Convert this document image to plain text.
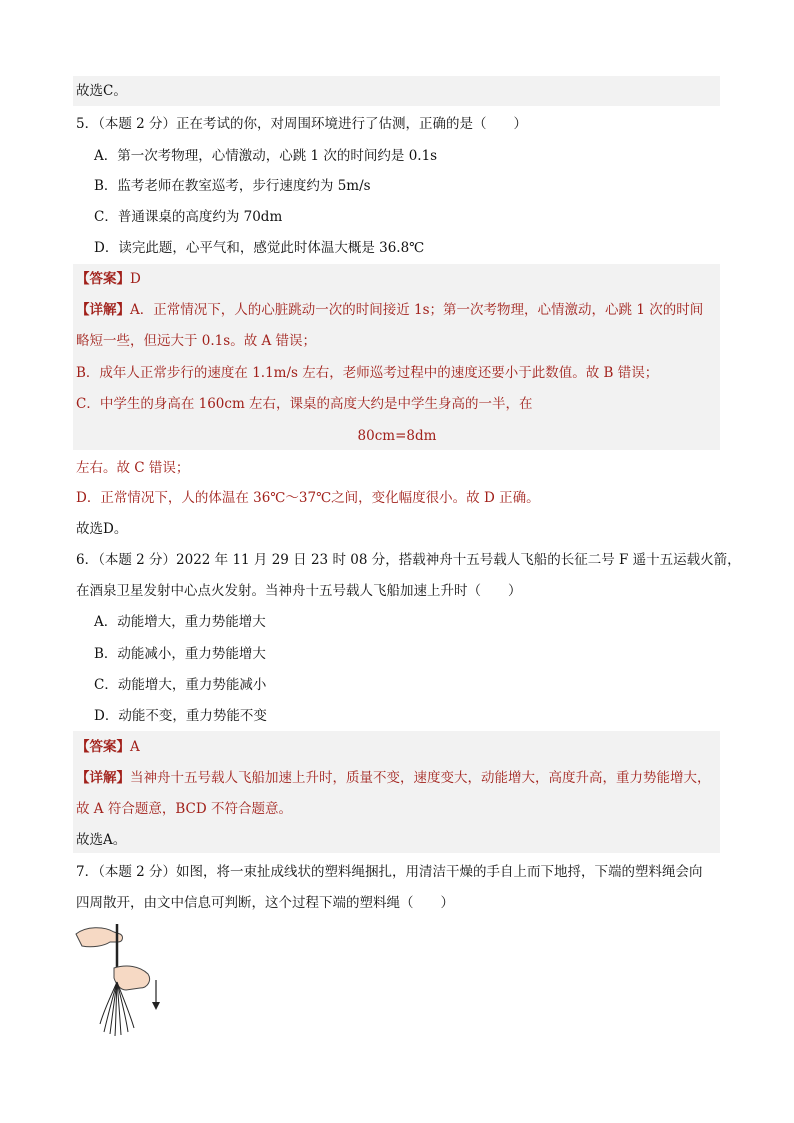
故选C。
5．（本题 2 分）正在考试的你，对周围环境进行了估测，正确的是（　　）
A．第一次考物理，心情激动，心跳 1 次的时间约是 0.1s
B．监考老师在教室巡考，步行速度约为 5m/s
C．普通课桌的高度约为 70dm
D．读完此题，心平气和，感觉此时体温大概是 36.8℃
【答案】D
【详解】A．正常情况下，人的心脏跳动一次的时间接近 1s；第一次考物理，心情激动，心跳 1 次的时间
略短一些，但远大于 0.1s。故 A 错误；
B．成年人正常步行的速度在 1.1m/s 左右，老师巡考过程中的速度还要小于此数值。故 B 错误；
C．中学生的身高在 160cm 左右，课桌的高度大约是中学生身高的一半，在
80cm=8dm
左右。故 C 错误；
D．正常情况下，人的体温在 36℃～37℃之间，变化幅度很小。故 D 正确。
故选D。
6．（本题 2 分）2022 年 11 月 29 日 23 时 08 分，搭载神舟十五号载人飞船的长征二号 F 遥十五运载火箭，
在酒泉卫星发射中心点火发射。当神舟十五号载人飞船加速上升时（　　）
A．动能增大，重力势能增大
B．动能减小，重力势能增大
C．动能增大，重力势能减小
D．动能不变，重力势能不变
【答案】A
【详解】当神舟十五号载人飞船加速上升时，质量不变，速度变大，动能增大，高度升高，重力势能增大，
故 A 符合题意，BCD 不符合题意。
故选A。
7．（本题 2 分）如图，将一束扯成线状的塑料绳捆扎，用清洁干燥的手自上而下地捋，下端的塑料绳会向
四周散开，由文中信息可判断，这个过程下端的塑料绳（　　）
